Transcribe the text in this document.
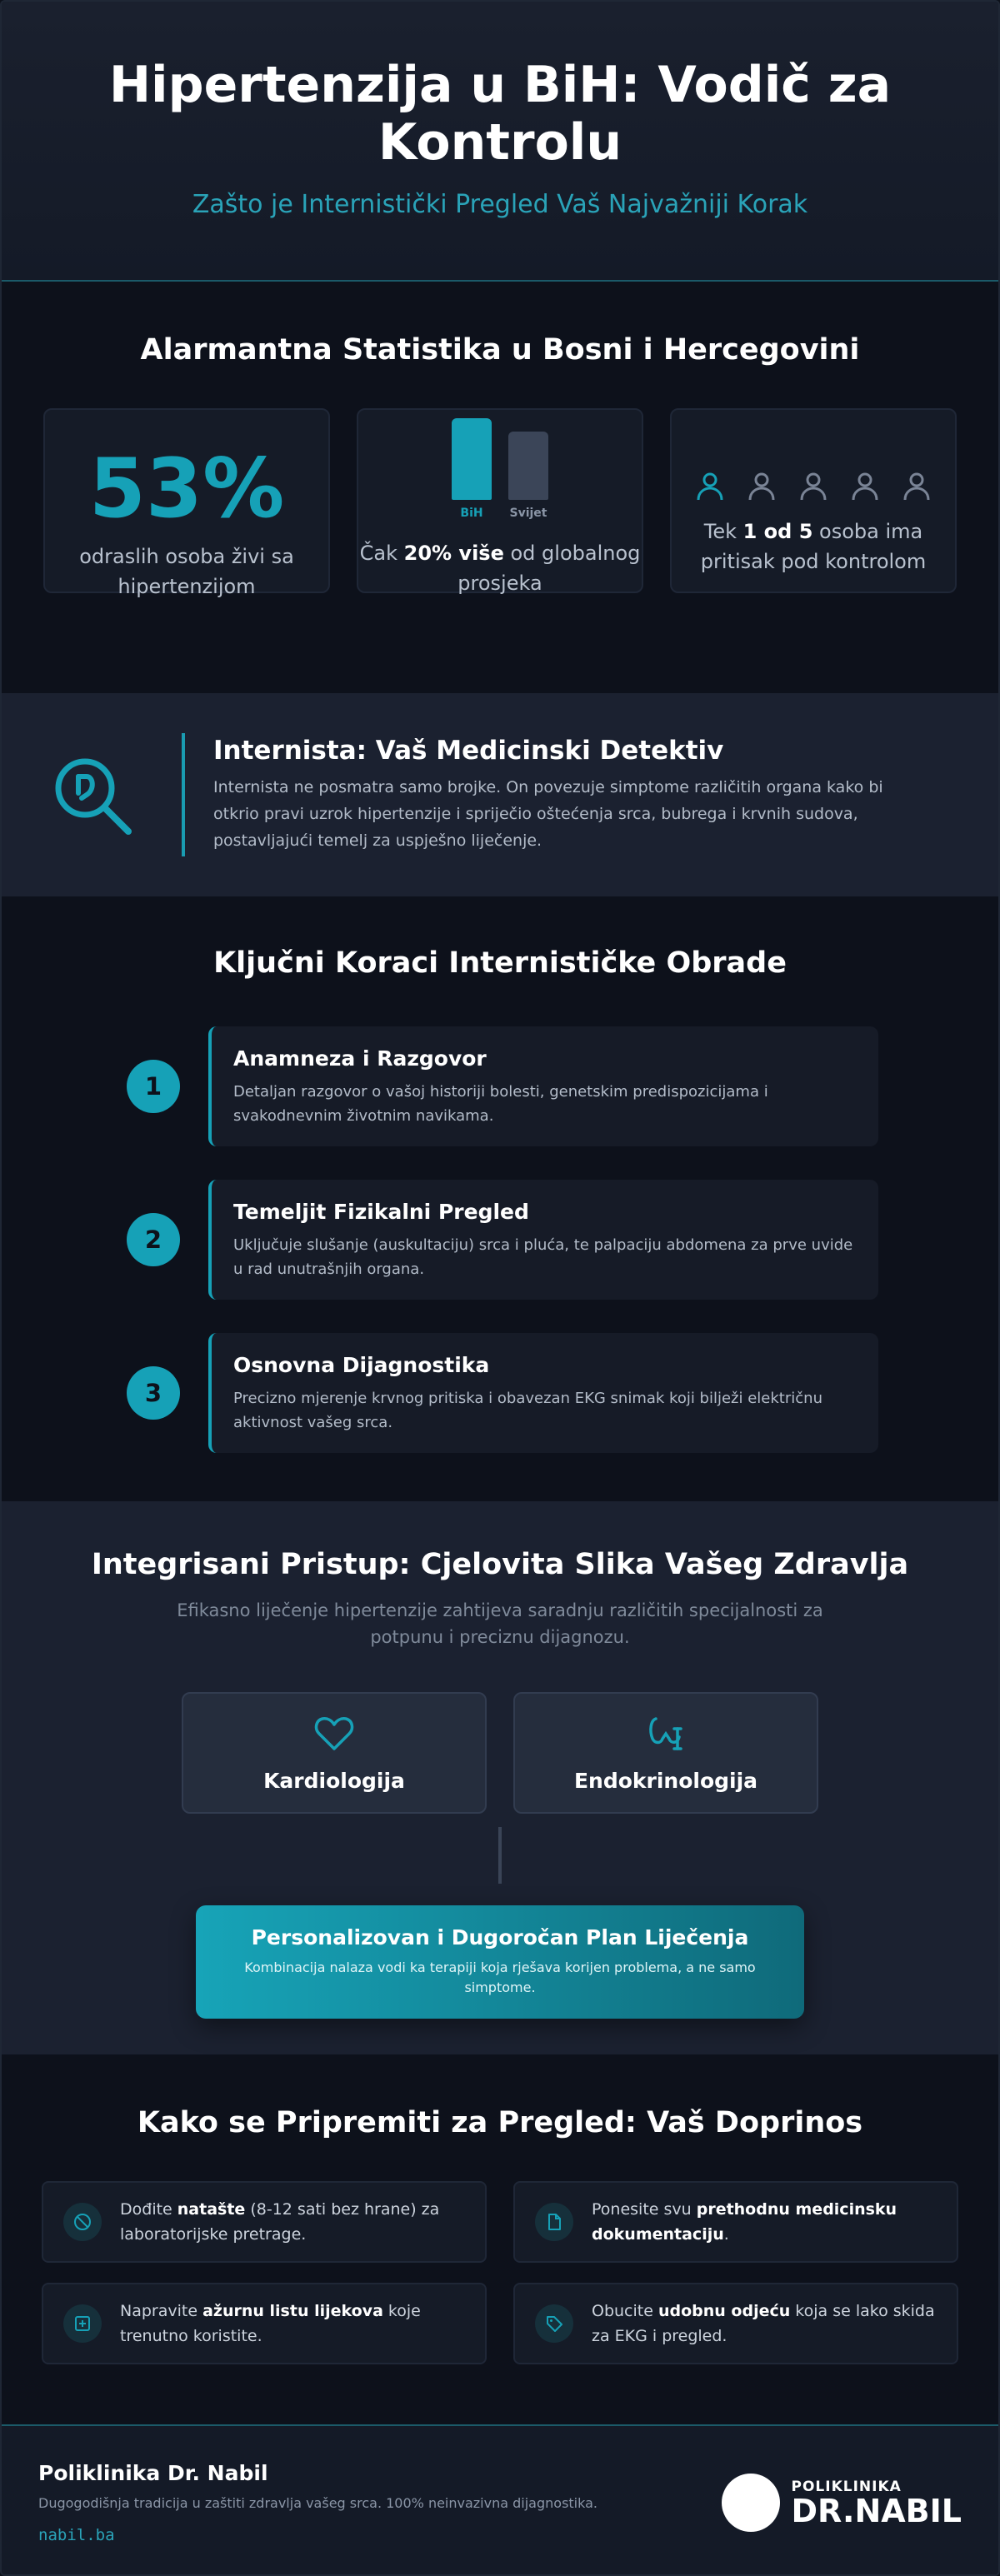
Hipertenzija u BiH: Vodič za Kontrolu
Zašto je Internistički Pregled Vaš Najvažniji Korak
Alarmantna Statistika u Bosni i Hercegovini
53%
odraslih osoba živi sa hipertenzijom
BiH Svijet
Čak 20% više od globalnog prosjeka
Tek 1 od 5 osoba ima pritisak pod kontrolom
Internista: Vaš Medicinski Detektiv
Internista ne posmatra samo brojke. On povezuje simptome različitih organa kako bi otkrio pravi uzrok hipertenzije i spriječio oštećenja srca, bubrega i krvnih sudova, postavljajući temelj za uspješno liječenje.
Ključni Koraci Internističke Obrade
1
Anamneza i Razgovor
Detaljan razgovor o vašoj historiji bolesti, genetskim predispozicijama i svakodnevnim životnim navikama.
2
Temeljit Fizikalni Pregled
Uključuje slušanje (auskultaciju) srca i pluća, te palpaciju abdomena za prve uvide u rad unutrašnjih organa.
3
Osnovna Dijagnostika
Precizno mjerenje krvnog pritiska i obavezan EKG snimak koji bilježi električnu aktivnost vašeg srca.
Integrisani Pristup: Cjelovita Slika Vašeg Zdravlja
Efikasno liječenje hipertenzije zahtijeva saradnju različitih specijalnosti za potpunu i preciznu dijagnozu.
Kardiologija	Endokrinologija
Personalizovan i Dugoročan Plan Liječenja
Kombinacija nalaza vodi ka terapiji koja rješava korijen problema, a ne samo simptome.
Kako se Pripremiti za Pregled: Vaš Doprinos
Dođite natašte (8-12 sati bez hrane) za laboratorijske pretrage.
Ponesite svu prethodnu medicinsku dokumentaciju.
Napravite ažurnu listu lijekova koje trenutno koristite.
Obucite udobnu odjeću koja se lako skida za EKG i pregled.
Poliklinika Dr. Nabil
Dugogodišnja tradicija u zaštiti zdravlja vašeg srca. 100% neinvazivna dijagnostika.
nabil.ba
POLIKLINIKA
DR.NABIL
